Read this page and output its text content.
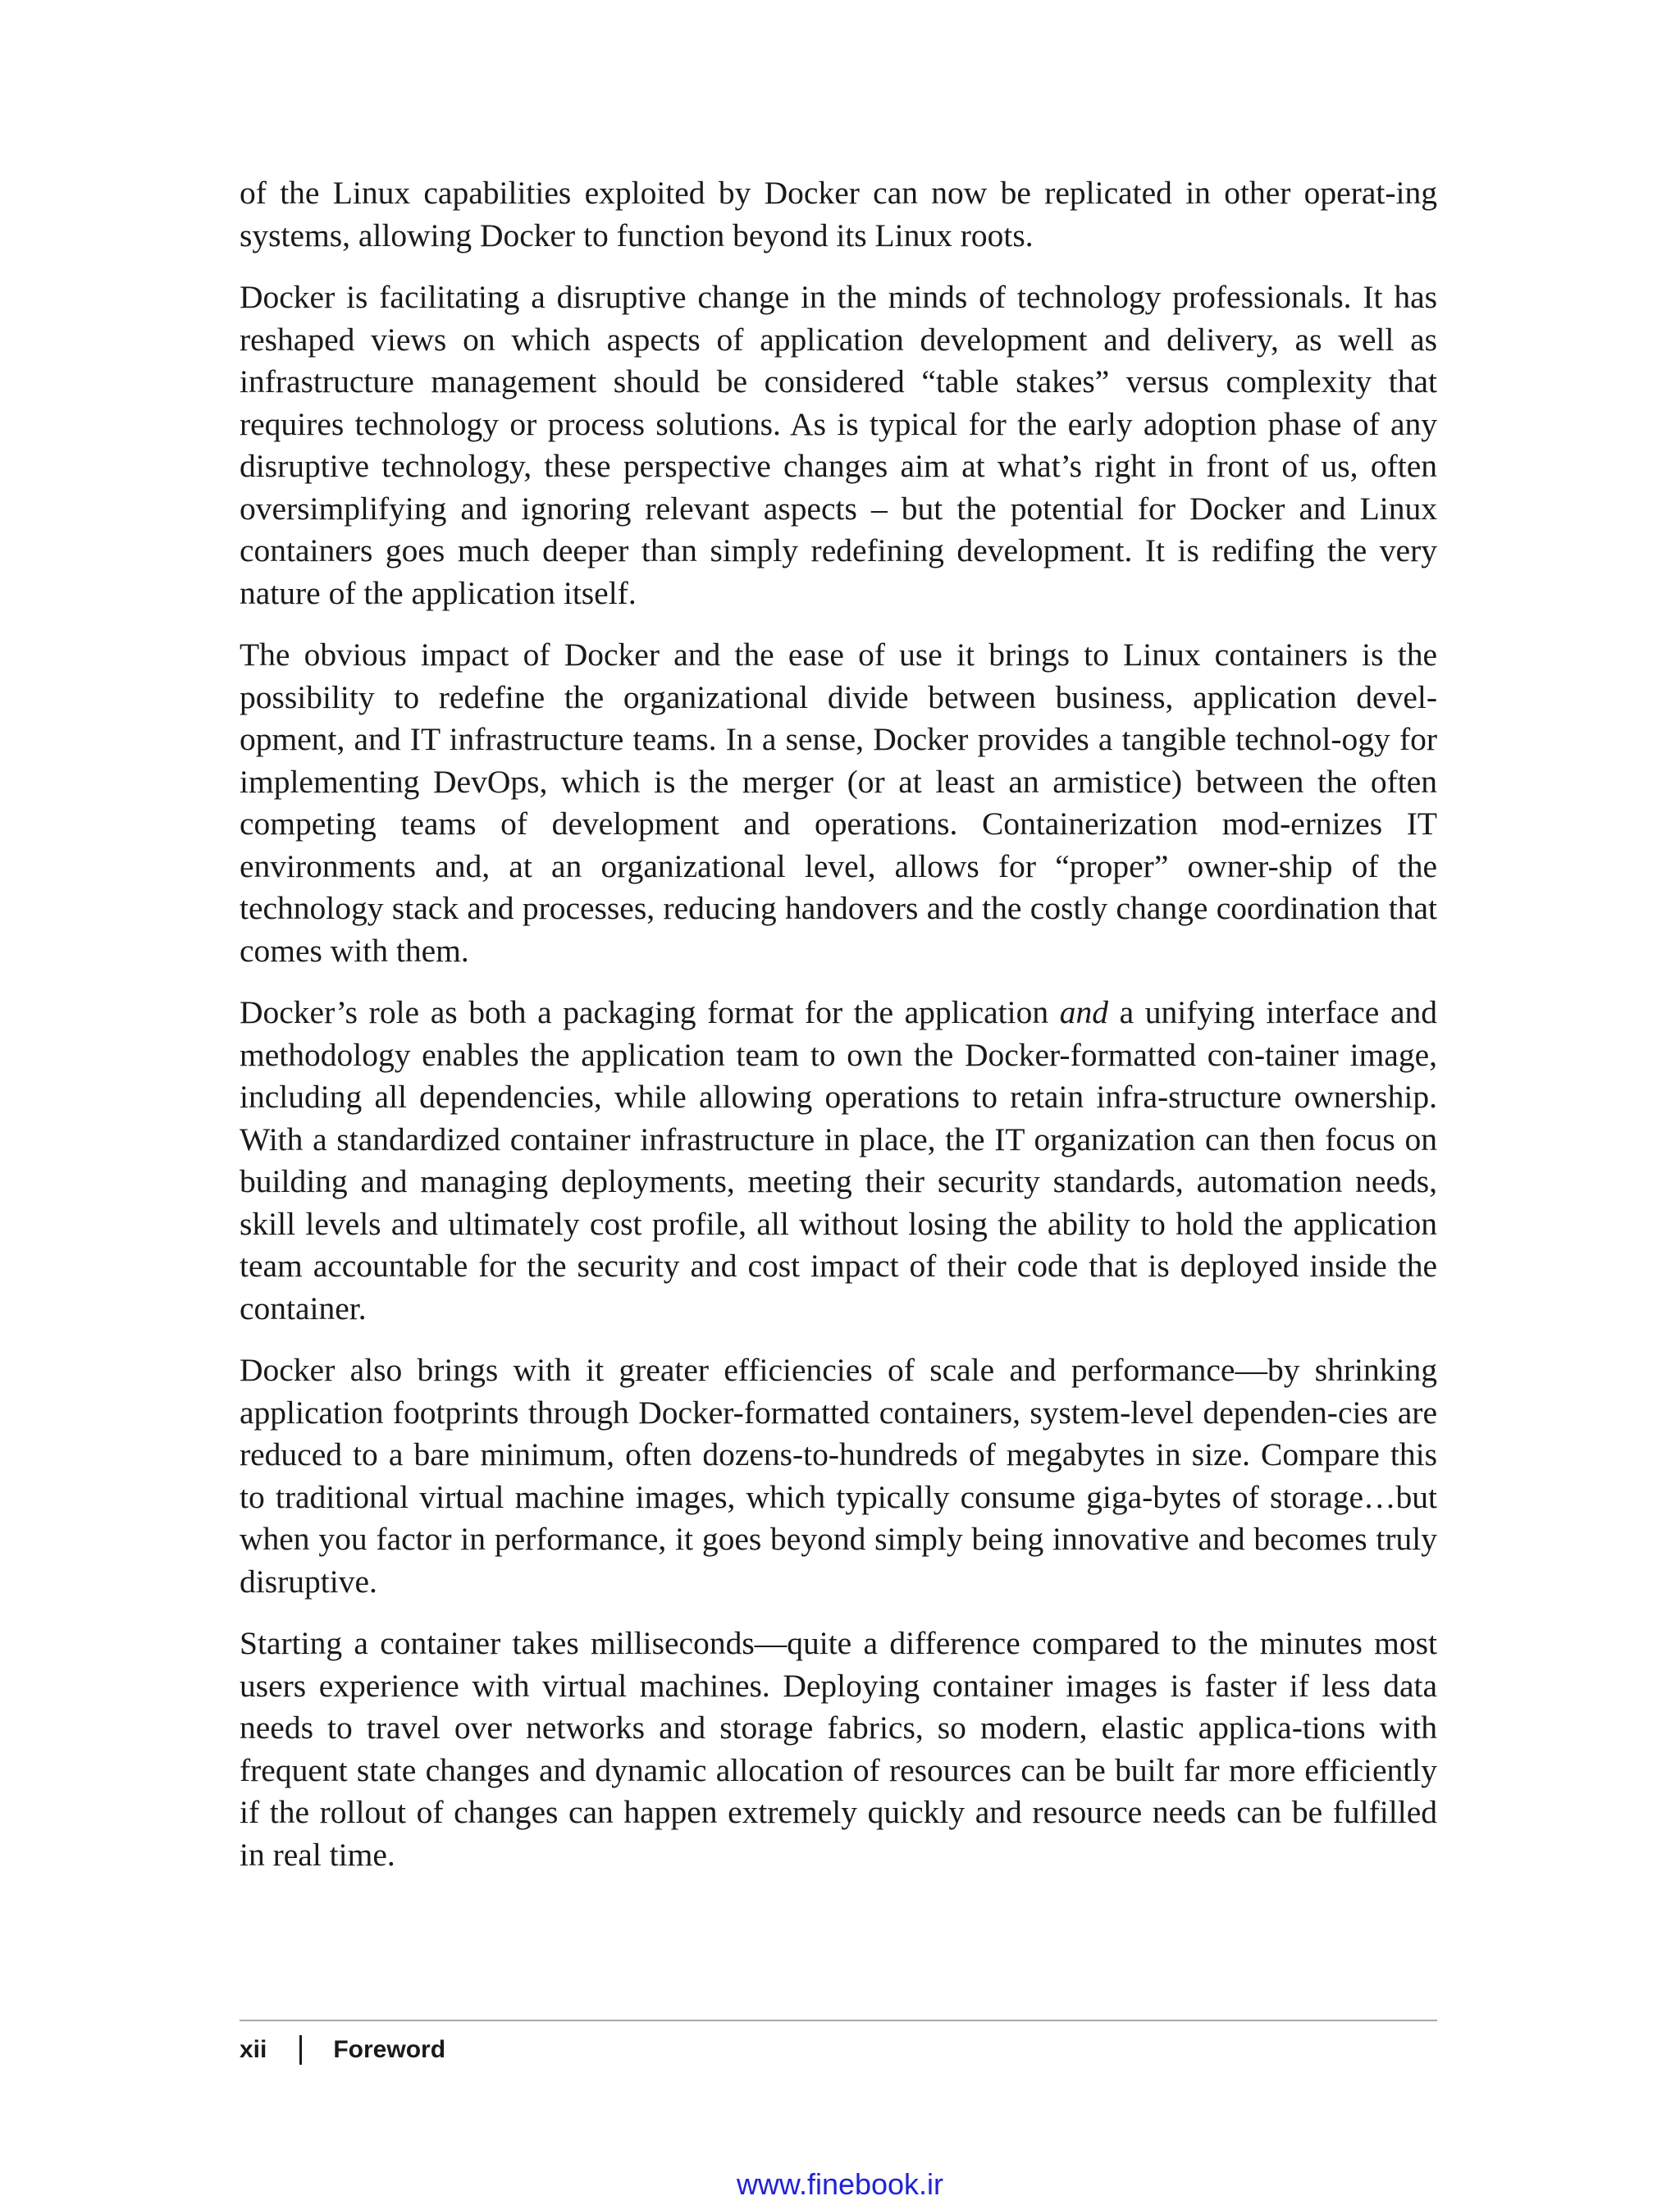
of the Linux capabilities exploited by Docker can now be replicated in other operat-ing systems, allowing Docker to function beyond its Linux roots.

Docker is facilitating a disruptive change in the minds of technology professionals. It has reshaped views on which aspects of application development and delivery, as well as infrastructure management should be considered “table stakes” versus complexity that requires technology or process solutions. As is typical for the early adoption phase of any disruptive technology, these perspective changes aim at what’s right in front of us, often oversimplifying and ignoring relevant aspects – but the potential for Docker and Linux containers goes much deeper than simply redefining development. It is redifing the very nature of the application itself.

The obvious impact of Docker and the ease of use it brings to Linux containers is the possibility to redefine the organizational divide between business, application devel-opment, and IT infrastructure teams. In a sense, Docker provides a tangible technol-ogy for implementing DevOps, which is the merger (or at least an armistice) between the often competing teams of development and operations. Containerization mod-ernizes IT environments and, at an organizational level, allows for “proper” owner-ship of the technology stack and processes, reducing handovers and the costly change coordination that comes with them.

Docker’s role as both a packaging format for the application and a unifying interface and methodology enables the application team to own the Docker-formatted con-tainer image, including all dependencies, while allowing operations to retain infra-structure ownership. With a standardized container infrastructure in place, the IT organization can then focus on building and managing deployments, meeting their security standards, automation needs, skill levels and ultimately cost profile, all without losing the ability to hold the application team accountable for the security and cost impact of their code that is deployed inside the container.

Docker also brings with it greater efficiencies of scale and performance—by shrinking application footprints through Docker-formatted containers, system-level dependen-cies are reduced to a bare minimum, often dozens-to-hundreds of megabytes in size. Compare this to traditional virtual machine images, which typically consume giga-bytes of storage…but when you factor in performance, it goes beyond simply being innovative and becomes truly disruptive.

Starting a container takes milliseconds—quite a difference compared to the minutes most users experience with virtual machines. Deploying container images is faster if less data needs to travel over networks and storage fabrics, so modern, elastic applica-tions with frequent state changes and dynamic allocation of resources can be built far more efficiently if the rollout of changes can happen extremely quickly and resource needs can be fulfilled in real time.

xii	Foreword
www.finebook.ir
